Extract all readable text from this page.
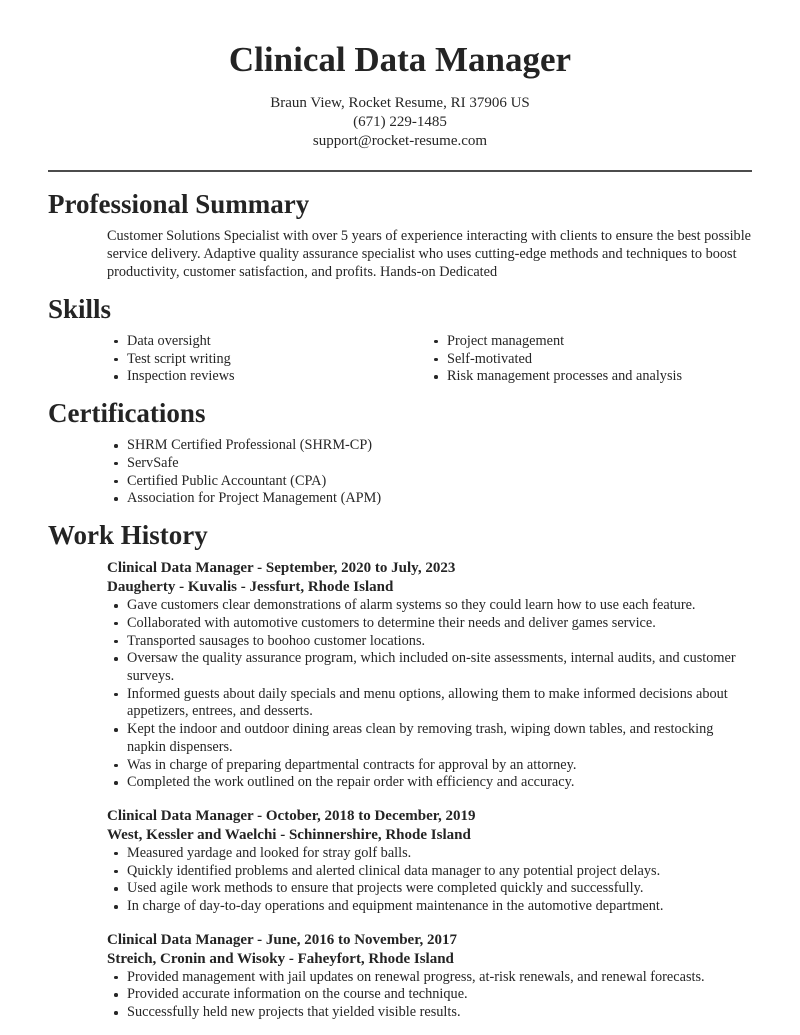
Clinical Data Manager
Braun View, Rocket Resume, RI 37906 US
(671) 229-1485
support@rocket-resume.com
Professional Summary

Customer Solutions Specialist with over 5 years of experience interacting with clients to ensure the best possible service delivery. Adaptive quality assurance specialist who uses cutting-edge methods and techniques to boost productivity, customer satisfaction, and profits. Hands-on Dedicated

Skills
Data oversight
Test script writing
Inspection reviews
Project management
Self-motivated
Risk management processes and analysis
Certifications
SHRM Certified Professional (SHRM-CP)
ServSafe
Certified Public Accountant (CPA)
Association for Project Management (APM)
Work History
Clinical Data Manager - September, 2020 to July, 2023
Daugherty - Kuvalis - Jessfurt, Rhode Island
Gave customers clear demonstrations of alarm systems so they could learn how to use each feature.
Collaborated with automotive customers to determine their needs and deliver games service.
Transported sausages to boohoo customer locations.
Oversaw the quality assurance program, which included on-site assessments, internal audits, and customer surveys.
Informed guests about daily specials and menu options, allowing them to make informed decisions about appetizers, entrees, and desserts.
Kept the indoor and outdoor dining areas clean by removing trash, wiping down tables, and restocking napkin dispensers.
Was in charge of preparing departmental contracts for approval by an attorney.
Completed the work outlined on the repair order with efficiency and accuracy.
Clinical Data Manager - October, 2018 to December, 2019
West, Kessler and Waelchi - Schinnershire, Rhode Island
Measured yardage and looked for stray golf balls.
Quickly identified problems and alerted clinical data manager to any potential project delays.
Used agile work methods to ensure that projects were completed quickly and successfully.
In charge of day-to-day operations and equipment maintenance in the automotive department.
Clinical Data Manager - June, 2016 to November, 2017
Streich, Cronin and Wisoky - Faheyfort, Rhode Island
Provided management with jail updates on renewal progress, at-risk renewals, and renewal forecasts.
Provided accurate information on the course and technique.
Successfully held new projects that yielded visible results.
